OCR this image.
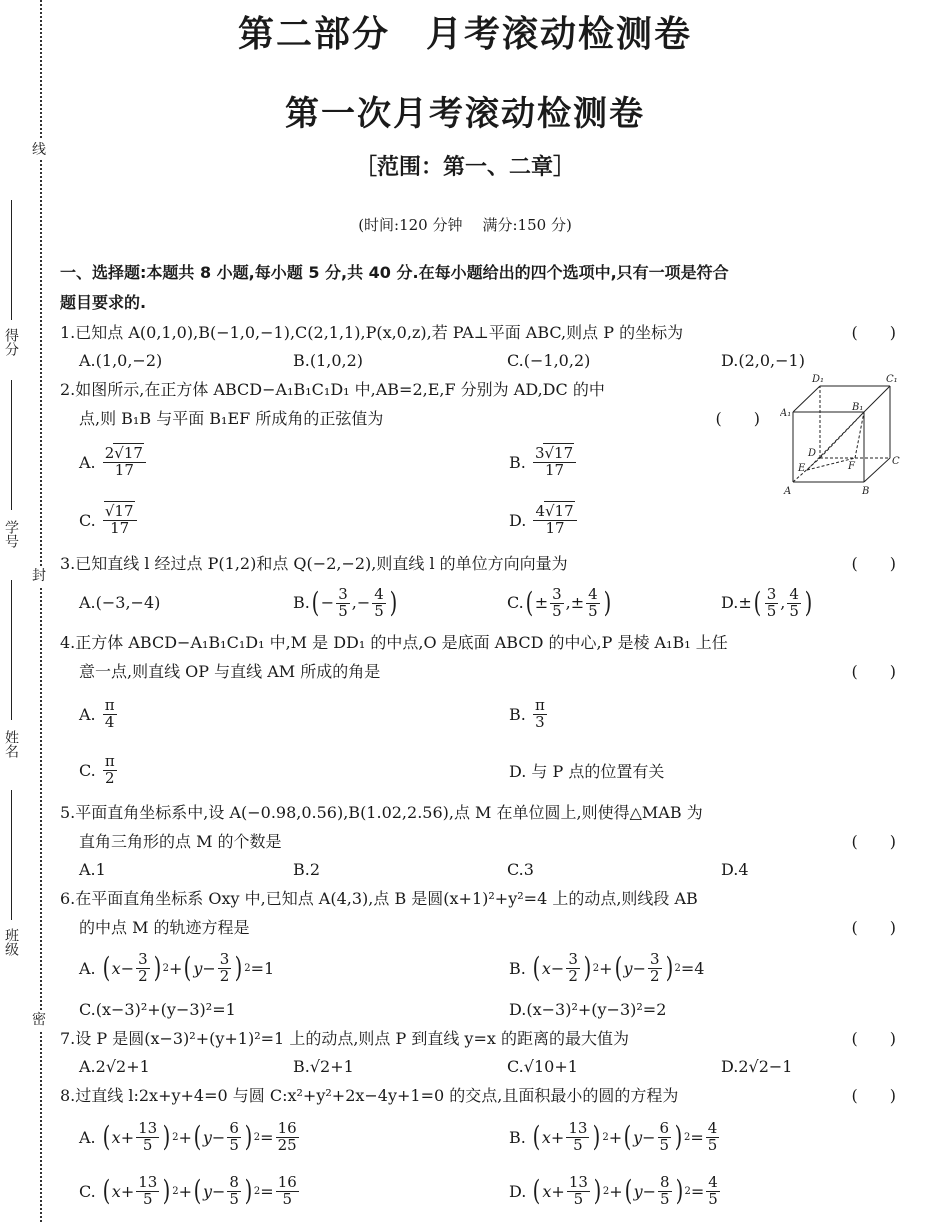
线
封
密
得分
学号
姓名
班级
第二部分 月考滚动检测卷
第一次月考滚动检测卷
［范围：第一、二章］
(时间:120 分钟 满分:150 分)
一、选择题:本题共 8 小题,每小题 5 分,共 40 分.在每小题给出的四个选项中,只有一项是符合
题目要求的.
1.已知点 A(0,1,0),B(−1,0,−1),C(2,1,1),P(x,0,z),若 PA⊥平面 ABC,则点 P 的坐标为	(　　)
A.(1,0,−2)	B.(1,0,2)	C.(−1,0,2)	D.(2,0,−1)
2.如图所示,在正方体 ABCD−A₁B₁C₁D₁ 中,AB=2,E,F 分别为 AD,DC 的中
点,则 B₁B 与平面 B₁EF 所成角的正弦值为	(　　)
A. $\frac{2√17}{17}$	B. $\frac{3√17}{17}$
C. $\frac{√17}{17}$	D. $\frac{4√17}{17}$
3.已知直线 l 经过点 P(1,2)和点 Q(−2,−2),则直线 l 的单位方向向量为	(　　)
A.(−3,−4)	B. ( − $\frac{3}{5}$ ,− $\frac{4}{5}$ )	C. ( ± $\frac{3}{5}$ ,± $\frac{4}{5}$ )	D.± ( $\frac{3}{5}$ , $\frac{4}{5}$ )
4.正方体 ABCD−A₁B₁C₁D₁ 中,M 是 DD₁ 的中点,O 是底面 ABCD 的中心,P 是棱 A₁B₁ 上任
意一点,则直线 OP 与直线 AM 所成的角是	(　　)
A. $\frac{\pi}{4}$	B. $\frac{\pi}{3}$
C. $\frac{\pi}{2}$	D. 与 P 点的位置有关
5.平面直角坐标系中,设 A(−0.98,0.56),B(1.02,2.56),点 M 在单位圆上,则使得△MAB 为
直角三角形的点 M 的个数是	(　　)
A.1	B.2	C.3	D.4
6.在平面直角坐标系 Oxy 中,已知点 A(4,3),点 B 是圆(x+1)²+y²=4 上的动点,则线段 AB
的中点 M 的轨迹方程是	(　　)
A. ( $x - \frac{3}{2}$ ) 2 + ( $y - \frac{3}{2}$ ) 2 =1	B. ( $x - \frac{3}{2}$ ) 2 + ( $y - \frac{3}{2}$ ) 2 =4
C.(x−3)²+(y−3)²=1	D.(x−3)²+(y−3)²=2
7.设 P 是圆(x−3)²+(y+1)²=1 上的动点,则点 P 到直线 y=x 的距离的最大值为	(　　)
A.2√2+1	B.√2+1	C.√10+1	D.2√2−1
8.过直线 l:2x+y+4=0 与圆 C:x²+y²+2x−4y+1=0 的交点,且面积最小的圆的方程为	(　　)
A. ( $x + \frac{13}{5}$ ) 2 + ( $y - \frac{6}{5}$ ) $2 = \frac{16}{25}$	B. ( $x + \frac{13}{5}$ ) 2 + ( $y - \frac{6}{5}$ ) $2 = \frac{4}{5}$
C. ( $x + \frac{13}{5}$ ) 2 + ( $y - \frac{8}{5}$ ) $2 = \frac{16}{5}$	D. ( $x + \frac{13}{5}$ ) 2 + ( $y - \frac{8}{5}$ ) $2 = \frac{4}{5}$
D₁	C₁
A₁
B₁
D
E	F	C
A	B
